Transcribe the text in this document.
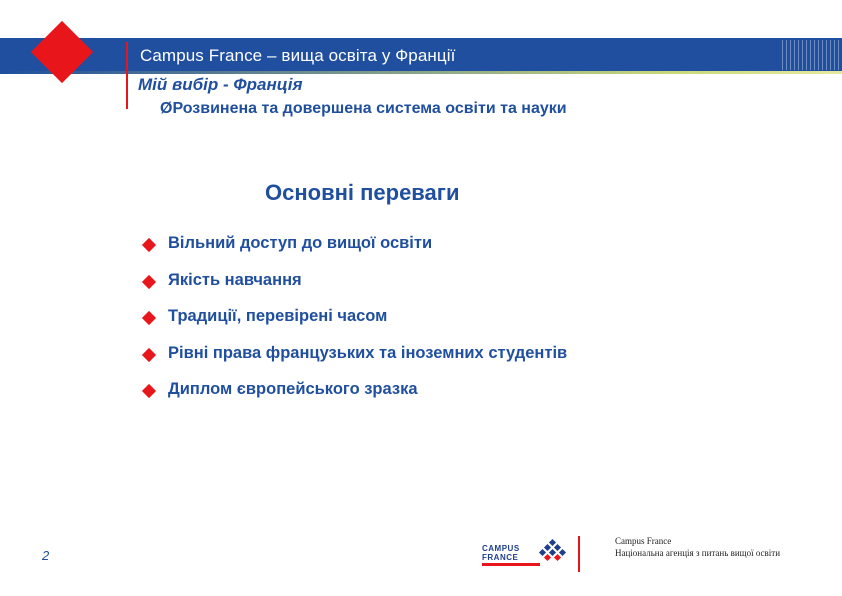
Campus France – вища освіта у Франції
Мій вибір - Франція
ØРозвинена та довершена система освіти та науки
Основні переваги
Вільний доступ до вищої освіти
Якість навчання
Традиції, перевірені часом
Рівні права французьких та іноземних студентів
Диплом європейського зразка
2	CAMPUS
FRANCE
Campus France
Національна агенція з питань вищої освіти
